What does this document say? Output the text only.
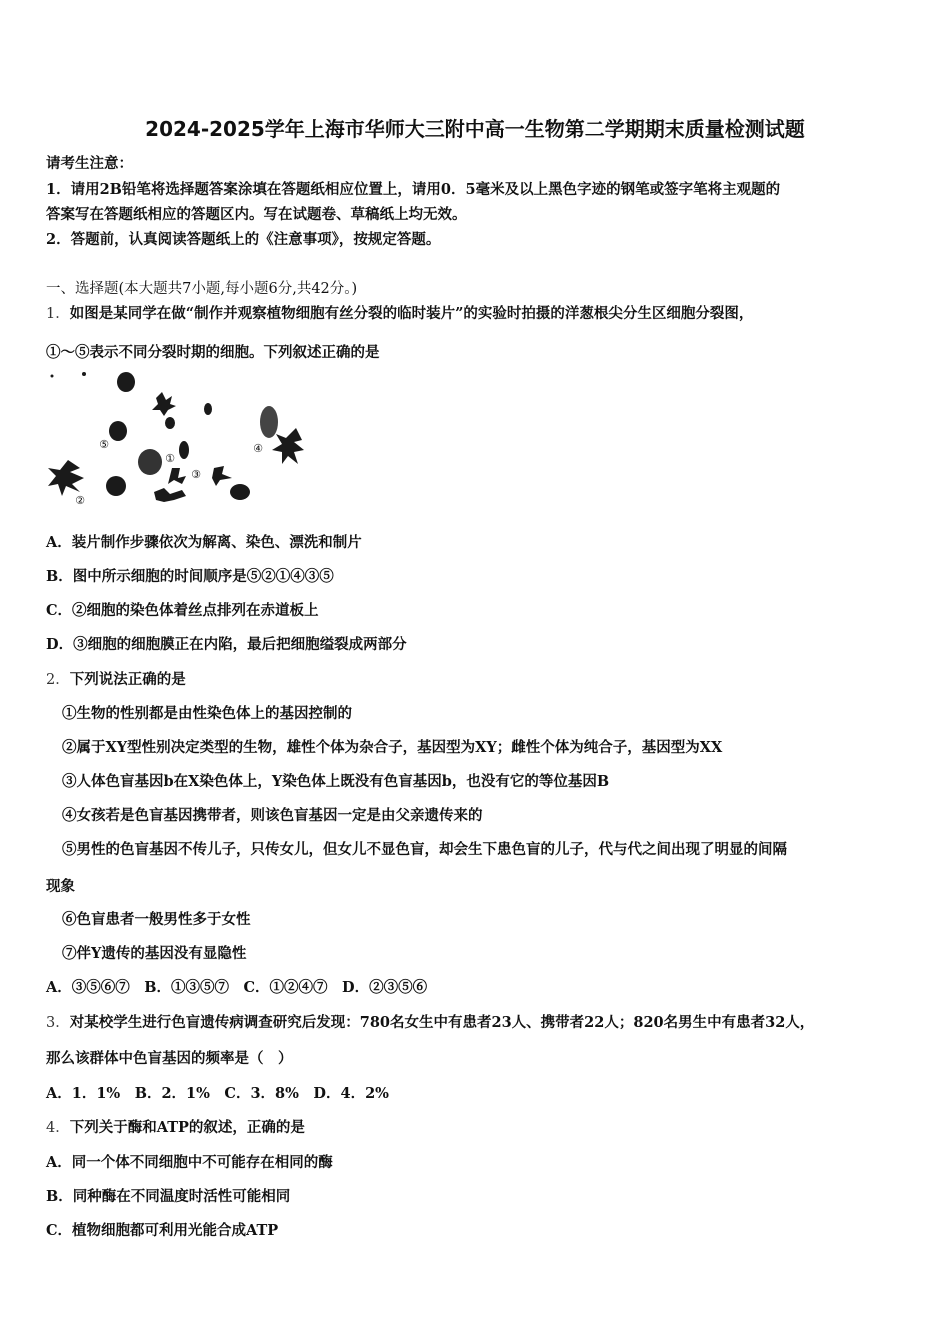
2024-2025学年上海市华师大三附中高一生物第二学期期末质量检测试题
请考生注意：
1．请用2B铅笔将选择题答案涂填在答题纸相应位置上，请用0．5毫米及以上黑色字迹的钢笔或签字笔将主观题的
答案写在答题纸相应的答题区内。写在试题卷、草稿纸上均无效。
2．答题前，认真阅读答题纸上的《注意事项》，按规定答题。
一、选择题(本大题共7小题,每小题6分,共42分。)
1．如图是某同学在做“制作并观察植物细胞有丝分裂的临时装片”的实验时拍摄的洋葱根尖分生区细胞分裂图，
①～⑤表示不同分裂时期的细胞。下列叙述正确的是
①
②
③
④
⑤
A．装片制作步骤依次为解离、染色、漂洗和制片
B．图中所示细胞的时间顺序是⑤②①④③⑤
C．②细胞的染色体着丝点排列在赤道板上
D．③细胞的细胞膜正在内陷，最后把细胞缢裂成两部分
2．下列说法正确的是
①生物的性别都是由性染色体上的基因控制的
②属于XY型性别决定类型的生物，雄性个体为杂合子，基因型为XY；雌性个体为纯合子，基因型为XX
③人体色盲基因b在X染色体上，Y染色体上既没有色盲基因b，也没有它的等位基因B
④女孩若是色盲基因携带者，则该色盲基因一定是由父亲遗传来的
⑤男性的色盲基因不传儿子，只传女儿，但女儿不显色盲，却会生下患色盲的儿子，代与代之间出现了明显的间隔
现象
⑥色盲患者一般男性多于女性
⑦伴Y遗传的基因没有显隐性
A．③⑤⑥⑦　B．①③⑤⑦　C．①②④⑦　D．②③⑤⑥
3．对某校学生进行色盲遗传病调查研究后发现：780名女生中有患者23人、携带者22人；820名男生中有患者32人，
那么该群体中色盲基因的频率是（　）
A．1．1%　B．2．1%　C．3．8%　D．4．2%
4．下列关于酶和ATP的叙述，正确的是
A．同一个体不同细胞中不可能存在相同的酶
B．同种酶在不同温度时活性可能相同
C．植物细胞都可利用光能合成ATP
